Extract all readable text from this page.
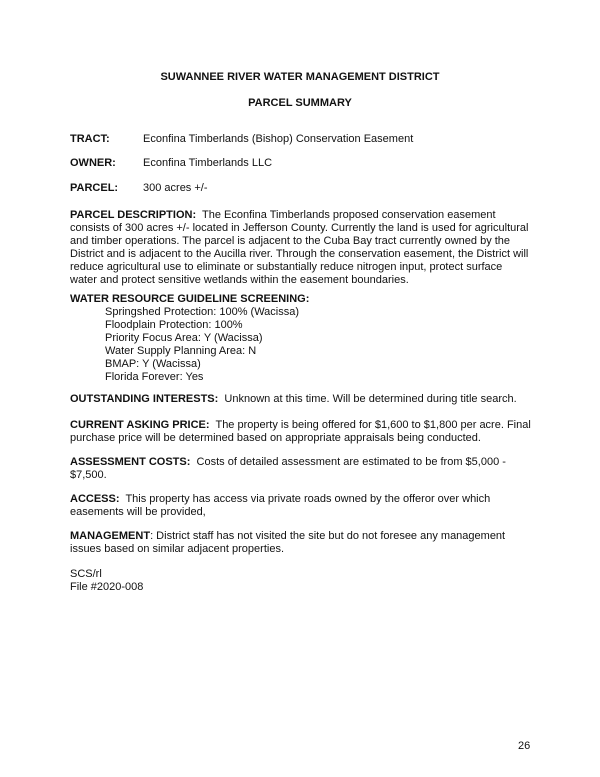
SUWANNEE RIVER WATER MANAGEMENT DISTRICT
PARCEL SUMMARY
TRACT:	Econfina Timberlands (Bishop) Conservation Easement
OWNER: Econfina Timberlands LLC
PARCEL: 300 acres +/-
PARCEL DESCRIPTION: The Econfina Timberlands proposed conservation easement consists of 300 acres +/- located in Jefferson County. Currently the land is used for agricultural and timber operations. The parcel is adjacent to the Cuba Bay tract currently owned by the District and is adjacent to the Aucilla river. Through the conservation easement, the District will reduce agricultural use to eliminate or substantially reduce nitrogen input, protect surface water and protect sensitive wetlands within the easement boundaries.
WATER RESOURCE GUIDELINE SCREENING:
Springshed Protection: 100% (Wacissa)
Floodplain Protection: 100%
Priority Focus Area: Y (Wacissa)
Water Supply Planning Area: N
BMAP: Y (Wacissa)
Florida Forever: Yes
OUTSTANDING INTERESTS: Unknown at this time. Will be determined during title search.
CURRENT ASKING PRICE: The property is being offered for $1,600 to $1,800 per acre. Final purchase price will be determined based on appropriate appraisals being conducted.
ASSESSMENT COSTS: Costs of detailed assessment are estimated to be from $5,000 - $7,500.
ACCESS: This property has access via private roads owned by the offeror over which easements will be provided,
MANAGEMENT: District staff has not visited the site but do not foresee any management issues based on similar adjacent properties.
SCS/rl
File #2020-008
26
